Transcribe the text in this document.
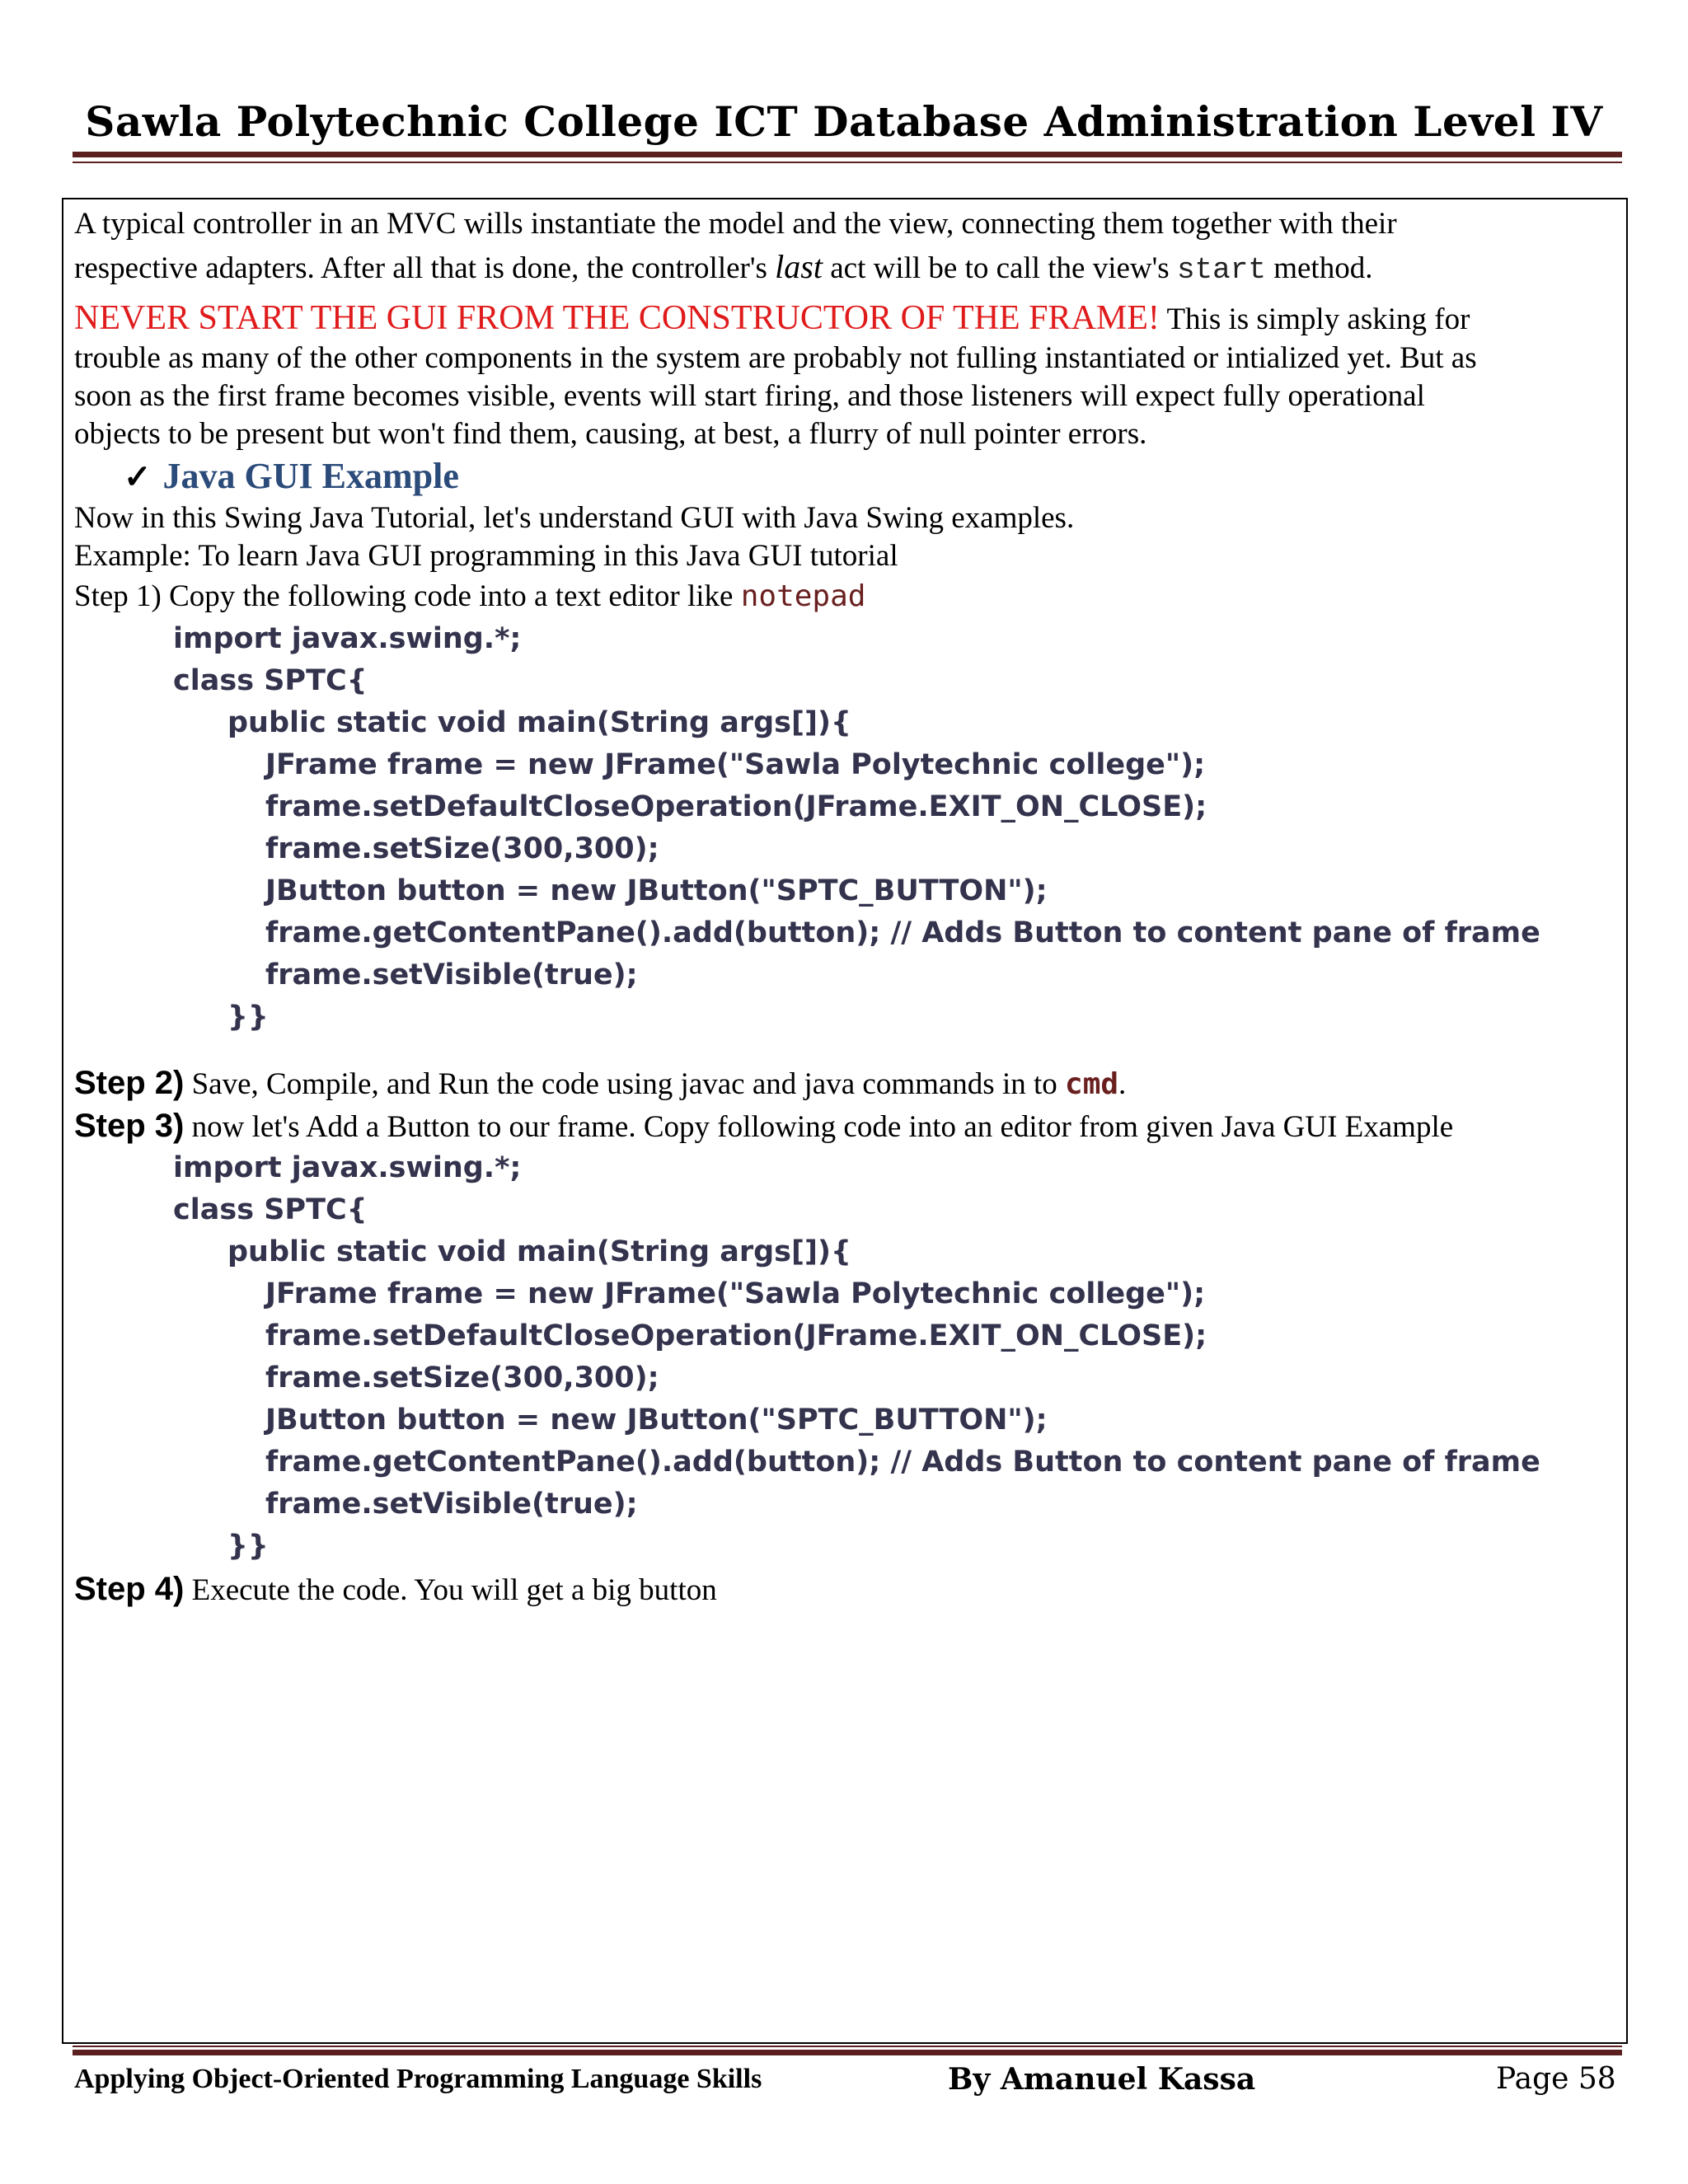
Sawla Polytechnic College ICT Database Administration Level IV
A typical controller in an MVC wills instantiate the model and the view, connecting them together with their
respective adapters. After all that is done, the controller's last act will be to call the view's start method.
NEVER START THE GUI FROM THE CONSTRUCTOR OF THE FRAME! This is simply asking for
trouble as many of the other components in the system are probably not fulling instantiated or intialized yet. But as
soon as the first frame becomes visible, events will start firing, and those listeners will expect fully operational
objects to be present but won't find them, causing, at best, a flurry of null pointer errors.
✓ Java GUI Example
Now in this Swing Java Tutorial, let's understand GUI with Java Swing examples.
Example: To learn Java GUI programming in this Java GUI tutorial
Step 1) Copy the following code into a text editor like notepad
import javax.swing.*;
class SPTC{
public static void main(String args[]){
JFrame frame = new JFrame("Sawla Polytechnic college");
frame.setDefaultCloseOperation(JFrame.EXIT_ON_CLOSE);
frame.setSize(300,300);
JButton button = new JButton("SPTC_BUTTON");
frame.getContentPane().add(button); // Adds Button to content pane of frame
frame.setVisible(true);
}}
Step 2) Save, Compile, and Run the code using javac and java commands in to cmd.
Step 3) now let's Add a Button to our frame. Copy following code into an editor from given Java GUI Example
import javax.swing.*;
class SPTC{
public static void main(String args[]){
JFrame frame = new JFrame("Sawla Polytechnic college");
frame.setDefaultCloseOperation(JFrame.EXIT_ON_CLOSE);
frame.setSize(300,300);
JButton button = new JButton("SPTC_BUTTON");
frame.getContentPane().add(button); // Adds Button to content pane of frame
frame.setVisible(true);
}}
Step 4) Execute the code. You will get a big button
Applying Object-Oriented Programming Language Skills	By Amanuel Kassa	Page 58
